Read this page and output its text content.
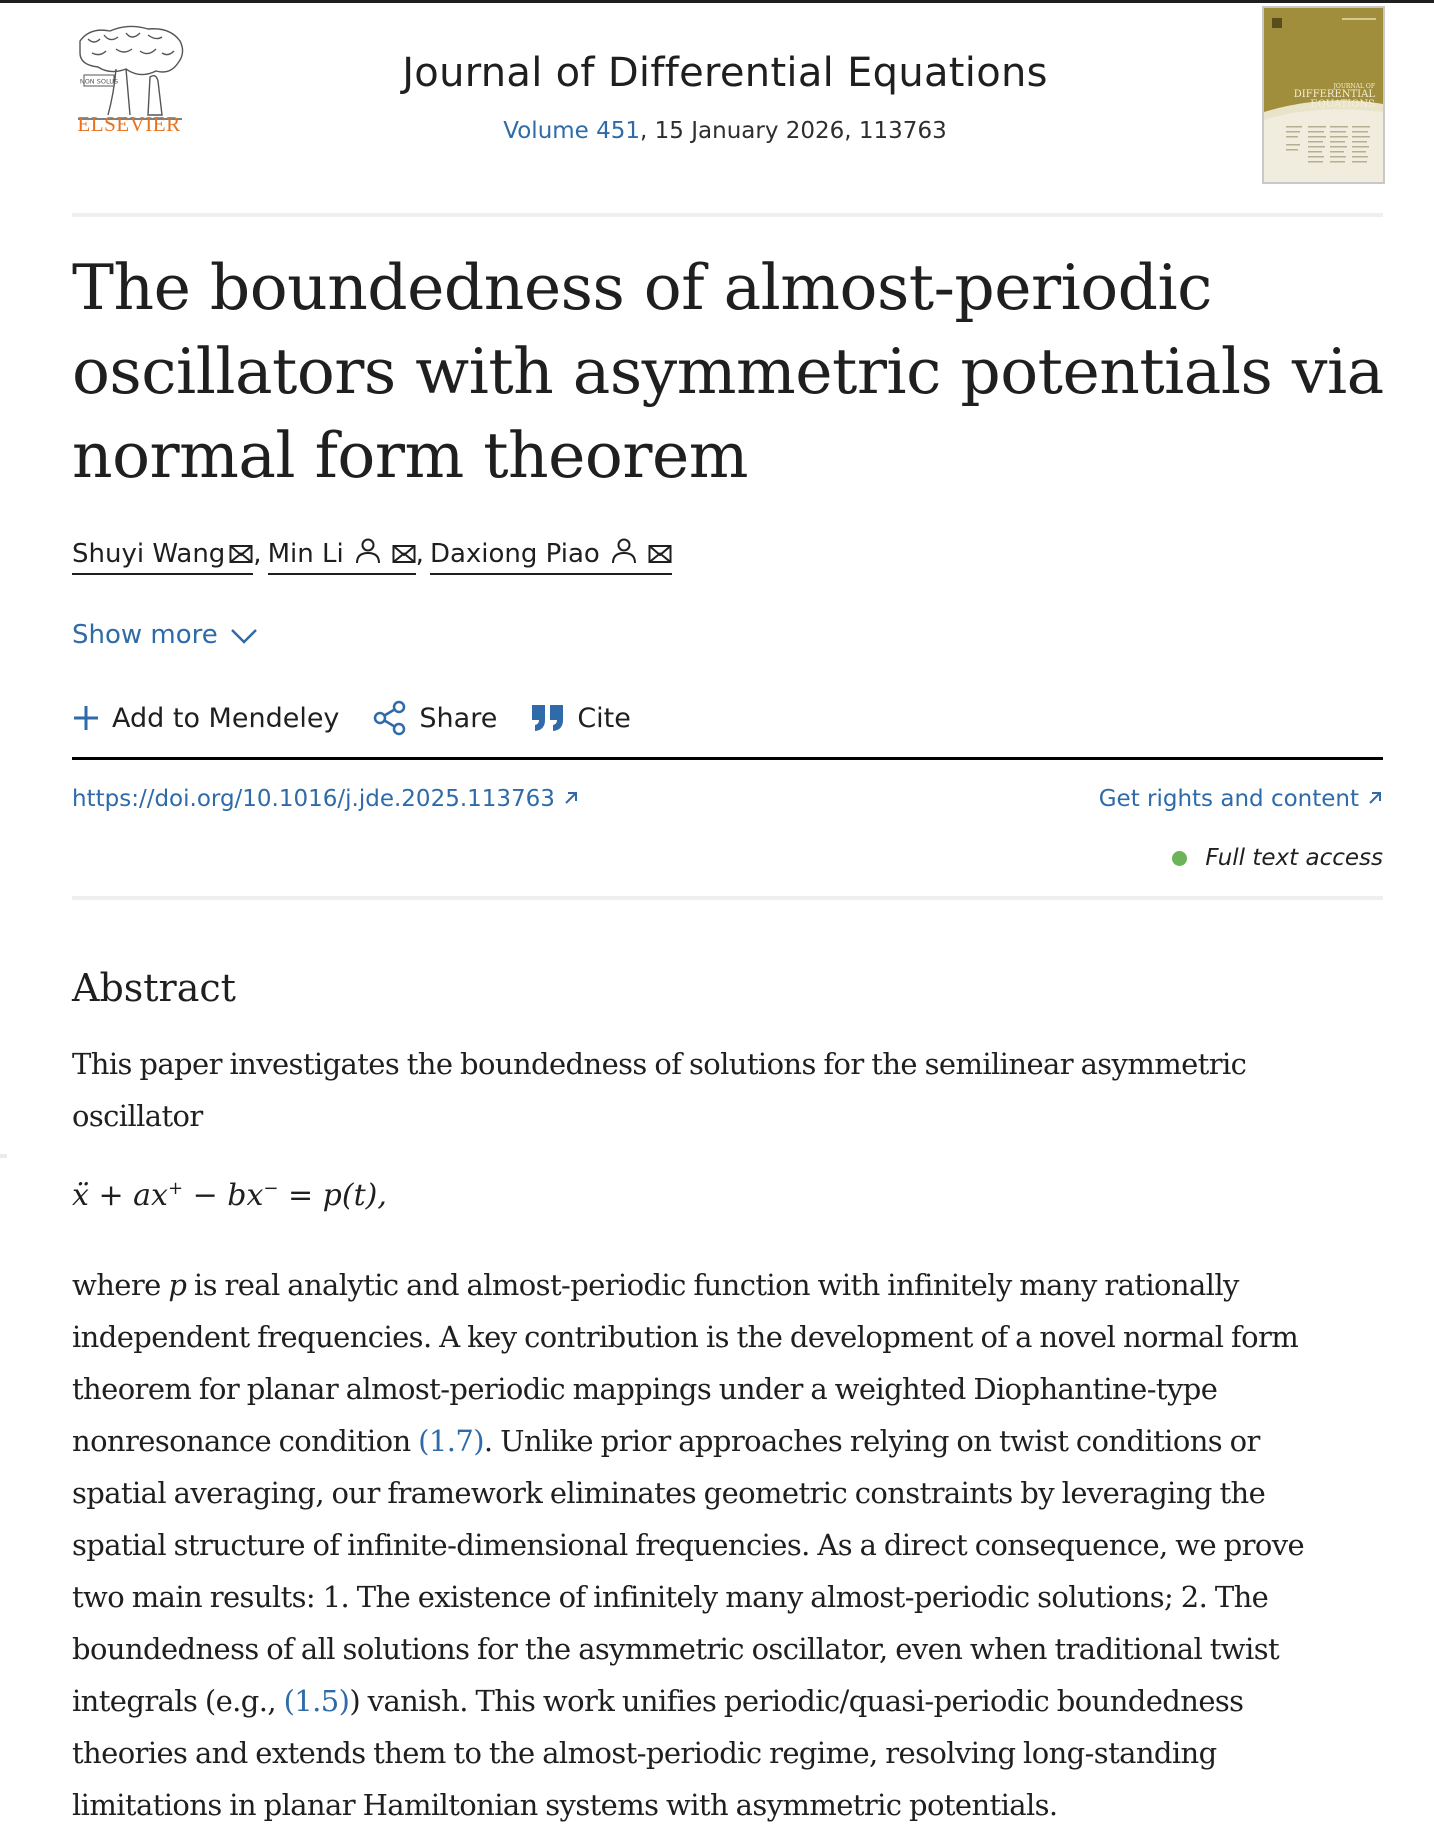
NON SOLUS
ELSEVIER
Journal of Differential Equations
Volume 451, 15 January 2026, 113763
JOURNAL OF
DIFFERENTIAL
EQUATIONS
The boundedness of almost-periodic
oscillators with asymmetric potentials via
normal form theorem
Shuyi Wang , Min Li	, Daxiong Piao
Show more
Add to Mendeley	Share	Cite
https://doi.org/10.1016/j.jde.2025.113763	Get rights and content
Full text access
Abstract
This paper investigates the boundedness of solutions for the semilinear asymmetric
oscillator
ẍ + ax+ − bx− = p(t),
where p is real analytic and almost-periodic function with infinitely many rationally
independent frequencies. A key contribution is the development of a novel normal form
theorem for planar almost-periodic mappings under a weighted Diophantine-type
nonresonance condition (1.7). Unlike prior approaches relying on twist conditions or
spatial averaging, our framework eliminates geometric constraints by leveraging the
spatial structure of infinite-dimensional frequencies. As a direct consequence, we prove
two main results: 1. The existence of infinitely many almost-periodic solutions; 2. The
boundedness of all solutions for the asymmetric oscillator, even when traditional twist
integrals (e.g., (1.5)) vanish. This work unifies periodic/quasi-periodic boundedness
theories and extends them to the almost-periodic regime, resolving long-standing
limitations in planar Hamiltonian systems with asymmetric potentials.
